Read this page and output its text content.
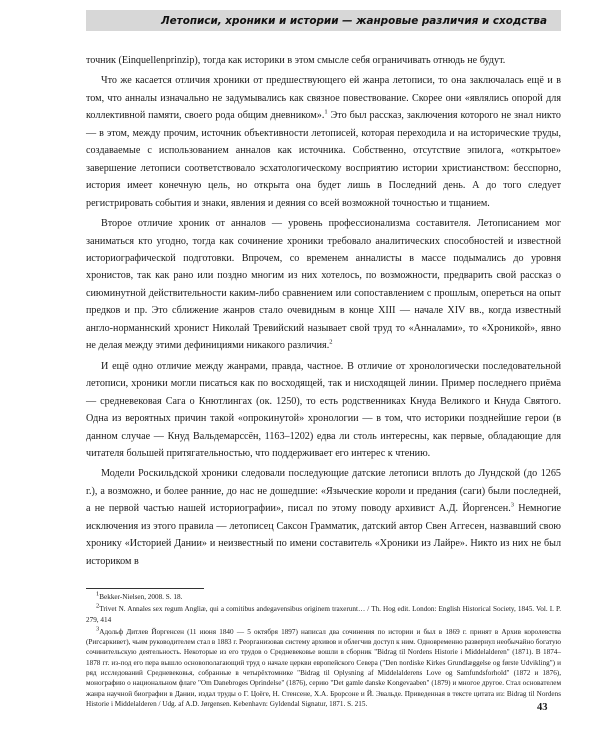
Летописи, хроники и истории — жанровые различия и сходства

точник (Einquellenprinzip), тогда как историки в этом смысле себя ограничивать отнюдь не будут.

Что же касается отличия хроники от предшествующего ей жанра летописи, то она заключалась ещё и в том, что анналы изначально не задумывались как связное повествование. Скорее они «являлись опорой для коллективной памяти, своего рода общим дневником».$^1$ Это был рассказ, заключения которого не знал никто — в этом, между прочим, источник объективности летописей, которая переходила и на исторические труды, создаваемые с использованием анналов как источника. Собственно, отсутствие эпилога, «открытое» завершение летописи соответствовало эсхатологическому восприятию истории христианством: бесспорно, история имеет конечную цель, но открыта она будет лишь в Последний день. А до того следует регистрировать события и знаки, явления и деяния со всей возможной точностью и тщанием.

Второе отличие хроник от анналов — уровень профессионализма составителя. Летописанием мог заниматься кто угодно, тогда как сочинение хроники требовало аналитических способностей и известной историографической подготовки. Впрочем, со временем анналисты в массе подымались до уровня хронистов, так как рано или поздно многим из них хотелось, по возможности, предварить свой рассказ о сиюминутной действительности каким-либо сравнением или сопоставлением с прошлым, опереться на опыт предков и пр. Это сближение жанров стало очевидным в конце XIII — начале XIV вв., когда известный англо-норманнский хронист Николай Тревийский называет свой труд то «Анналами», то «Хроникой», явно не делая между этими дефинициями никакого различия.$^2$

И ещё одно отличие между жанрами, правда, частное. В отличие от хронологически последовательной летописи, хроники могли писаться как по восходящей, так и нисходящей линии. Пример последнего приёма — средневековая Сага о Кнютлингах (ок. 1250), то есть родственниках Кнуда Великого и Кнуда Святого. Одна из вероятных причин такой «опрокинутой» хронологии — в том, что историки позднейшие герои (в данном случае — Кнуд Вальдемарссён, 1163–1202) едва ли столь интересны, как первые, обладающие для читателя большей притягательностью, что поддерживает его интерес к чтению.

Модели Роскильдской хроники следовали последующие датские летописи вплоть до Лундской (до 1265 г.), а возможно, и более ранние, до нас не дошедшие: «Языческие короли и предания (саги) были последней, а не первой частью нашей историографии», писал по этому поводу архивист А.Д. Йоргенсен.$^3$ Немногие исключения из этого правила — летописец Саксон Грамматик, датский автор Свен Аггесен, назвавший свою хронику «Историей Дании» и неизвестный по имени составитель «Хроники из Лайре». Никто из них не был историком в

$^1$Bekker-Nielsen, 2008. S. 18.

$^2$Trivet N. Annales sex regum Angliæ, qui a comitibus andegavensibus originem traxerunt… / Th. Hog edit. London: English Historical Society, 1845. Vol. I. P. 279, 414

$^3$Адольф Дитлев Йоргенсен (11 июня 1840 — 5 октября 1897) написал два сочинения по истории и был в 1869 г. принят в Архив королевства (Ригсаркивет), чьим руководителем стал в 1883 г. Реорганизовав систему архивов и облегчив доступ к ним. Одновременно развернул необычайно богатую сочинительскую деятельность. Некоторые из его трудов о Средневековье вошли в сборник "Bidrag til Nordens Historie i Middelalderen" (1871). В 1874–1878 гг. из-под его пера вышло основополагающий труд о начале церкви европейского Севера ("Den nordiske Kirkes Grundlæggelse og første Udvikling") и ряд исследований Средневековья, собранные в четырёхтомнике "Bidrag til Oplysning af Middelalderens Love og Samfundsforhold" (1872 и 1876), монографию о национальном флаге "Om Danebroges Oprindelse" (1876), серию "Det gamle danske Kongevaaben" (1879) и многое другое. Стал основателем жанра научной биографии в Дании, издал труды о Г. Цоёге, Н. Стенсене, Х.А. Брорсоне и Й. Эвальде. Приведенная в тексте цитата из: Bidrag til Nordens Historie i Middelalderen / Udg. af A.D. Jørgensen. Kebenhavn: Gyldendal Signatur, 1871. S. 215.	43
